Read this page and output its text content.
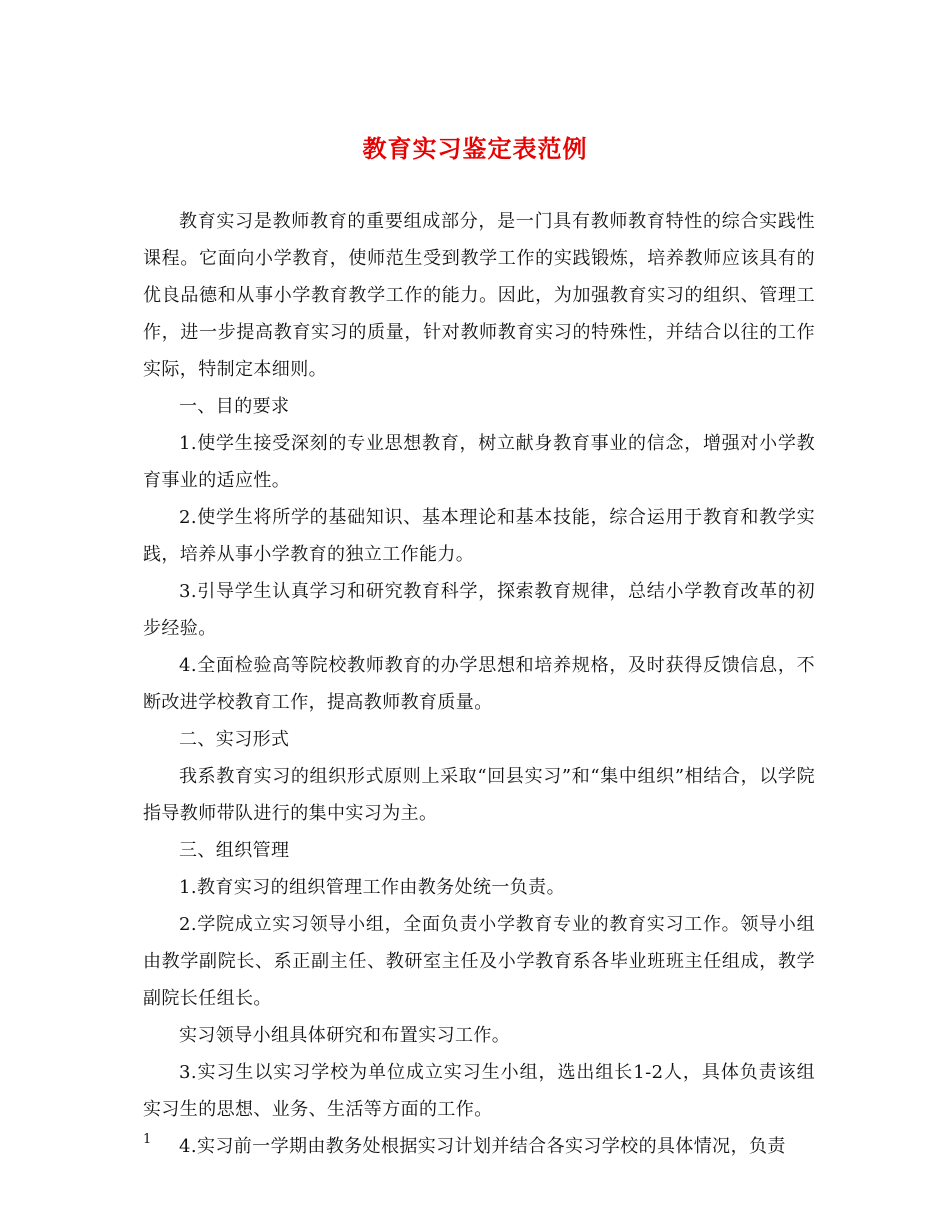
教育实习鉴定表范例

教育实习是教师教育的重要组成部分，是一门具有教师教育特性的综合实践性课程。它面向小学教育，使师范生受到教学工作的实践锻炼，培养教师应该具有的优良品德和从事小学教育教学工作的能力。因此，为加强教育实习的组织、管理工作，进一步提高教育实习的质量，针对教师教育实习的特殊性，并结合以往的工作实际，特制定本细则。

一、目的要求

1.使学生接受深刻的专业思想教育，树立献身教育事业的信念，增强对小学教育事业的适应性。

2.使学生将所学的基础知识、基本理论和基本技能，综合运用于教育和教学实践，培养从事小学教育的独立工作能力。

3.引导学生认真学习和研究教育科学，探索教育规律，总结小学教育改革的初步经验。

4.全面检验高等院校教师教育的办学思想和培养规格，及时获得反馈信息，不断改进学校教育工作，提高教师教育质量。

二、实习形式

我系教育实习的组织形式原则上采取“回县实习”和“集中组织”相结合，以学院指导教师带队进行的集中实习为主。

三、组织管理

1.教育实习的组织管理工作由教务处统一负责。

2.学院成立实习领导小组，全面负责小学教育专业的教育实习工作。领导小组由教学副院长、系正副主任、教研室主任及小学教育系各毕业班班主任组成，教学副院长任组长。

实习领导小组具体研究和布置实习工作。

3.实习生以实习学校为单位成立实习生小组，选出组长1-2人，具体负责该组实习生的思想、业务、生活等方面的工作。

4.实习前一学期由教务处根据实习计划并结合各实习学校的具体情况，负责

1
